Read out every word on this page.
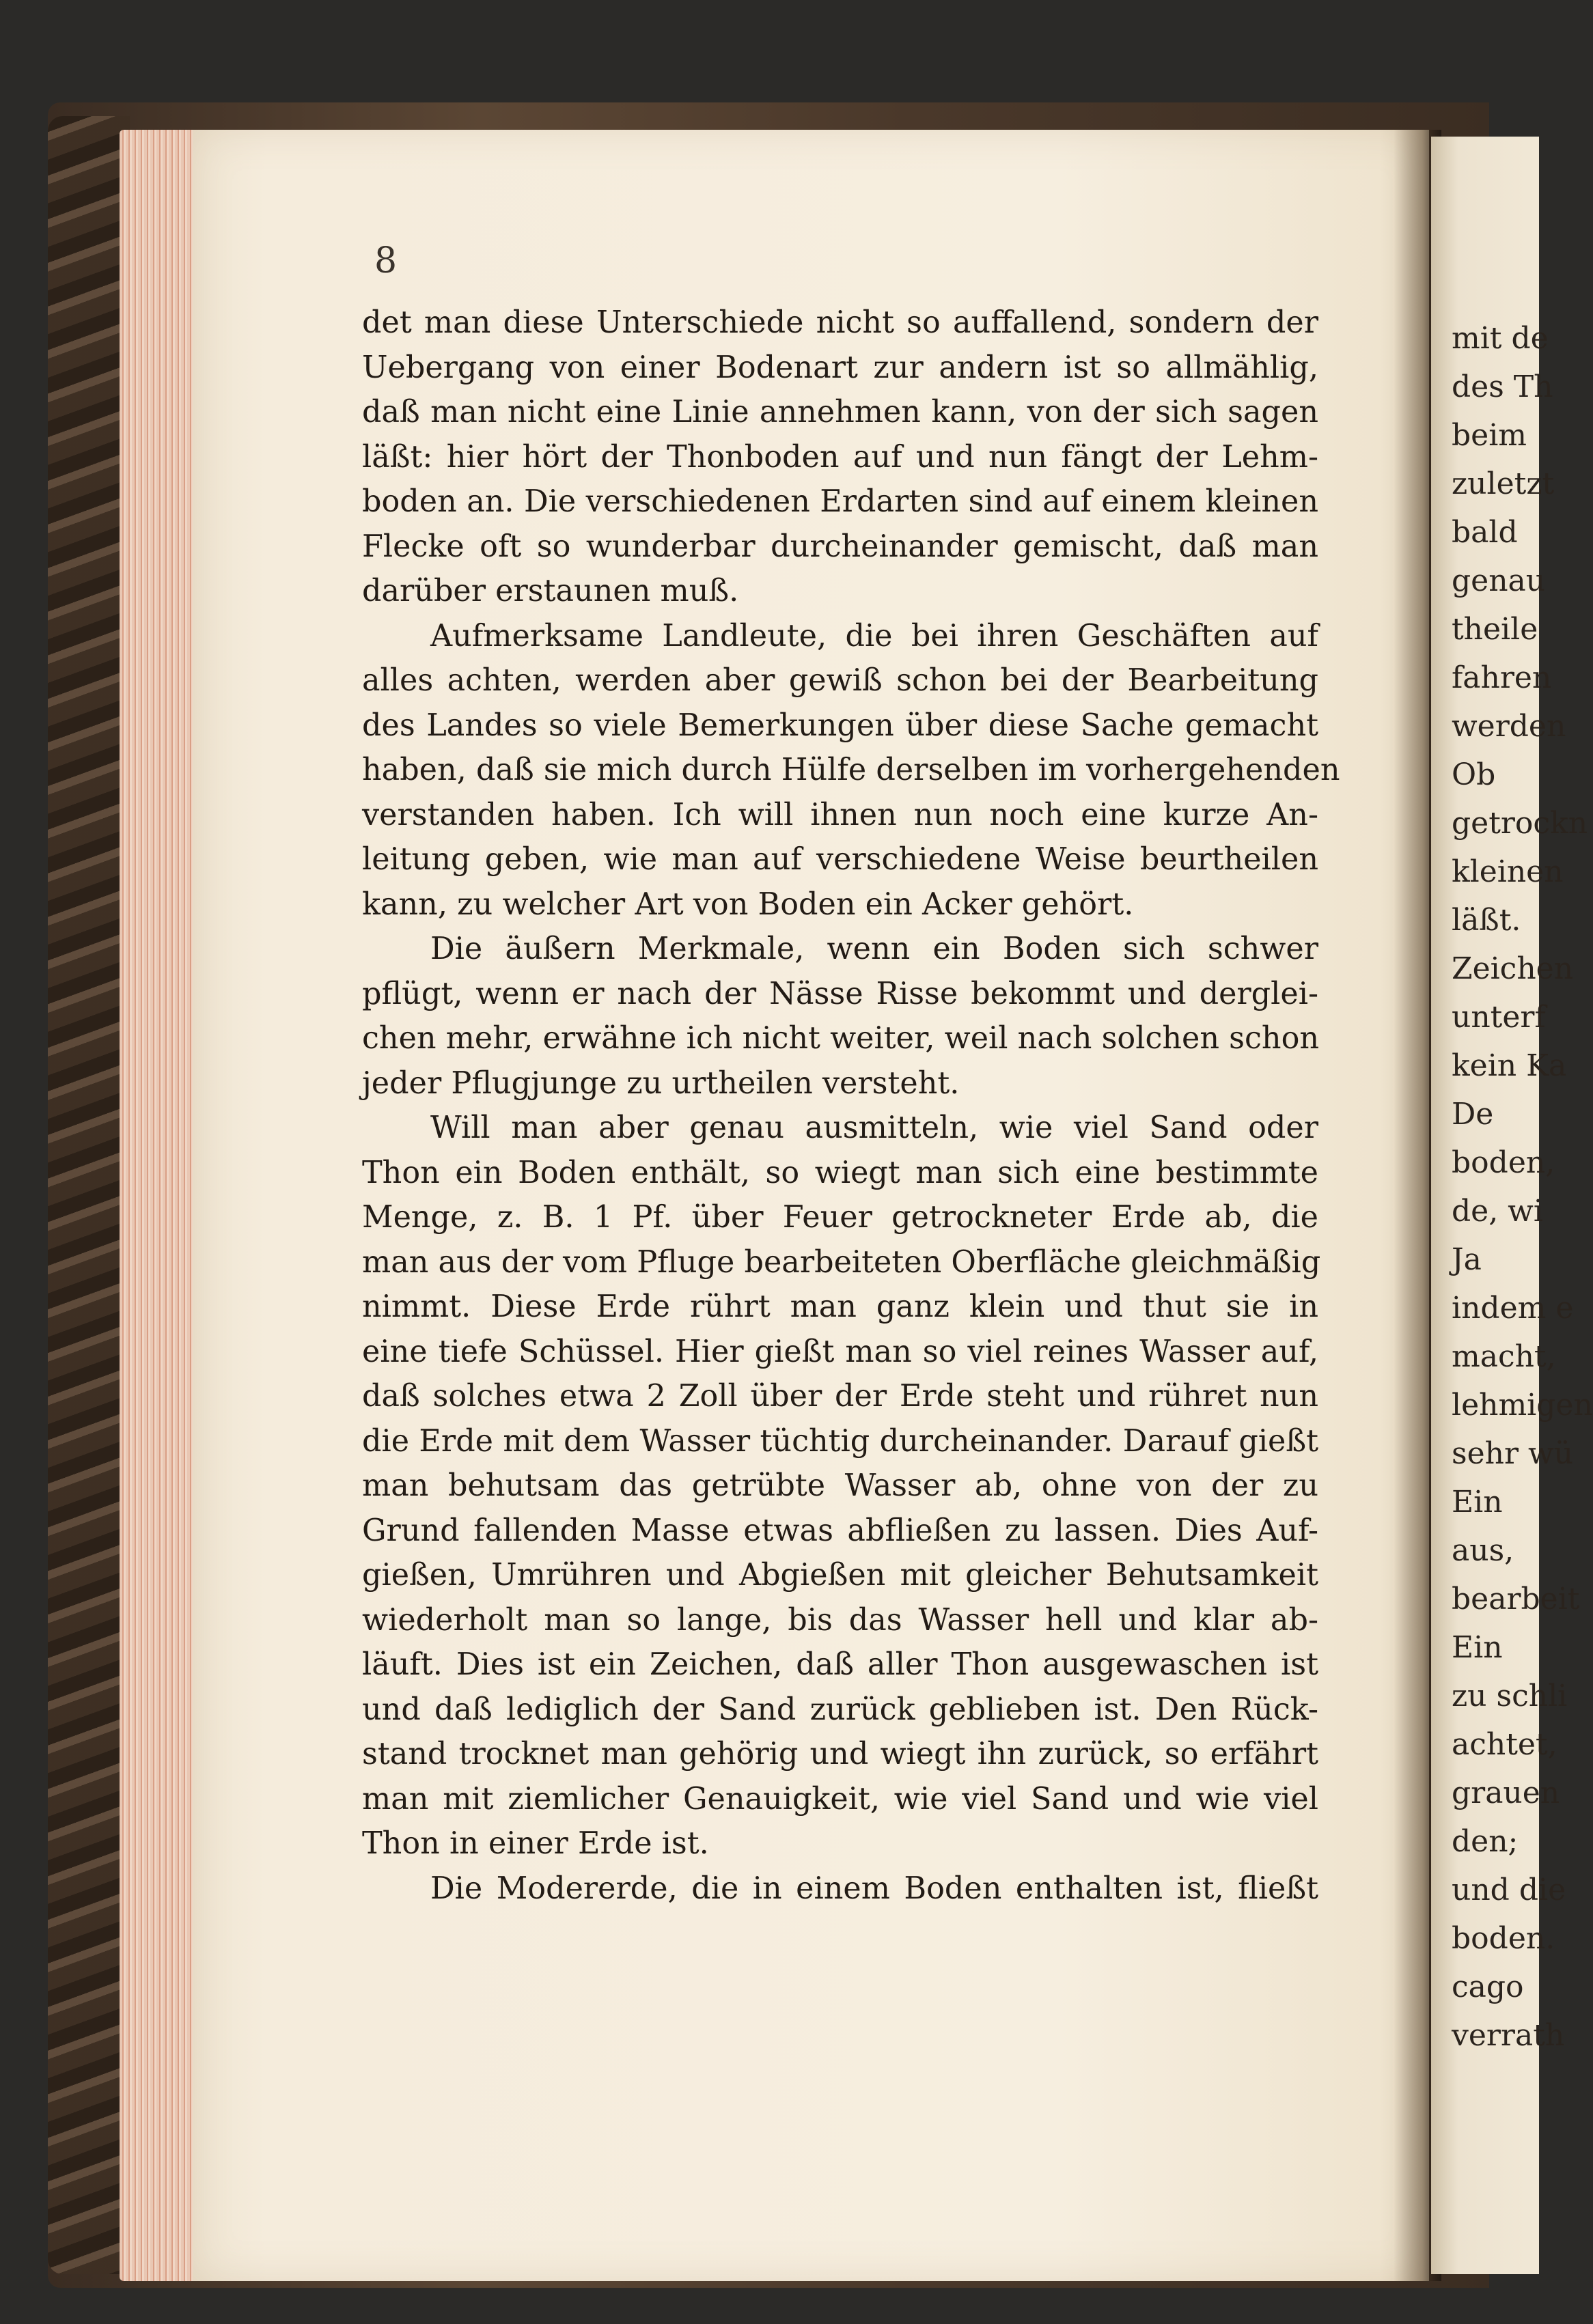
8
det man diese Unterschiede nicht so auffallend, sondern der
Uebergang von einer Bodenart zur andern ist so allmählig,
daß man nicht eine Linie annehmen kann, von der sich sagen
läßt: hier hört der Thonboden auf und nun fängt der Lehm-
boden an. Die verschiedenen Erdarten sind auf einem kleinen
Flecke oft so wunderbar durcheinander gemischt, daß man
darüber erstaunen muß.
Aufmerksame Landleute, die bei ihren Geschäften auf
alles achten, werden aber gewiß schon bei der Bearbeitung
des Landes so viele Bemerkungen über diese Sache gemacht
haben, daß sie mich durch Hülfe derselben im vorhergehenden
verstanden haben. Ich will ihnen nun noch eine kurze An-
leitung geben, wie man auf verschiedene Weise beurtheilen
kann, zu welcher Art von Boden ein Acker gehört.
Die äußern Merkmale, wenn ein Boden sich schwer
pflügt, wenn er nach der Nässe Risse bekommt und derglei-
chen mehr, erwähne ich nicht weiter, weil nach solchen schon
jeder Pflugjunge zu urtheilen versteht.
Will man aber genau ausmitteln, wie viel Sand oder
Thon ein Boden enthält, so wiegt man sich eine bestimmte
Menge, z. B. 1 Pf. über Feuer getrockneter Erde ab, die
man aus der vom Pfluge bearbeiteten Oberfläche gleichmäßig
nimmt. Diese Erde rührt man ganz klein und thut sie in
eine tiefe Schüssel. Hier gießt man so viel reines Wasser auf,
daß solches etwa 2 Zoll über der Erde steht und rühret nun
die Erde mit dem Wasser tüchtig durcheinander. Darauf gießt
man behutsam das getrübte Wasser ab, ohne von der zu
Grund fallenden Masse etwas abfließen zu lassen. Dies Auf-
gießen, Umrühren und Abgießen mit gleicher Behutsamkeit
wiederholt man so lange, bis das Wasser hell und klar ab-
läuft. Dies ist ein Zeichen, daß aller Thon ausgewaschen ist
und daß lediglich der Sand zurück geblieben ist. Den Rück-
stand trocknet man gehörig und wiegt ihn zurück, so erfährt
man mit ziemlicher Genauigkeit, wie viel Sand und wie viel
Thon in einer Erde ist.
Die Modererde, die in einem Boden enthalten ist, fließt
mit de
des Th
beim
zuletzt
bald
genau
theile
fahren
werden
Ob
getrockn
kleinen
läßt.
Zeichen
unterf
kein Ka
De
boden,
de, wi
Ja
indem e
macht,
lehmigen
sehr wü
Ein
aus,
bearbeit
Ein
zu schli
achtet,
grauen
den;
und die
boden.
cago
verrath
